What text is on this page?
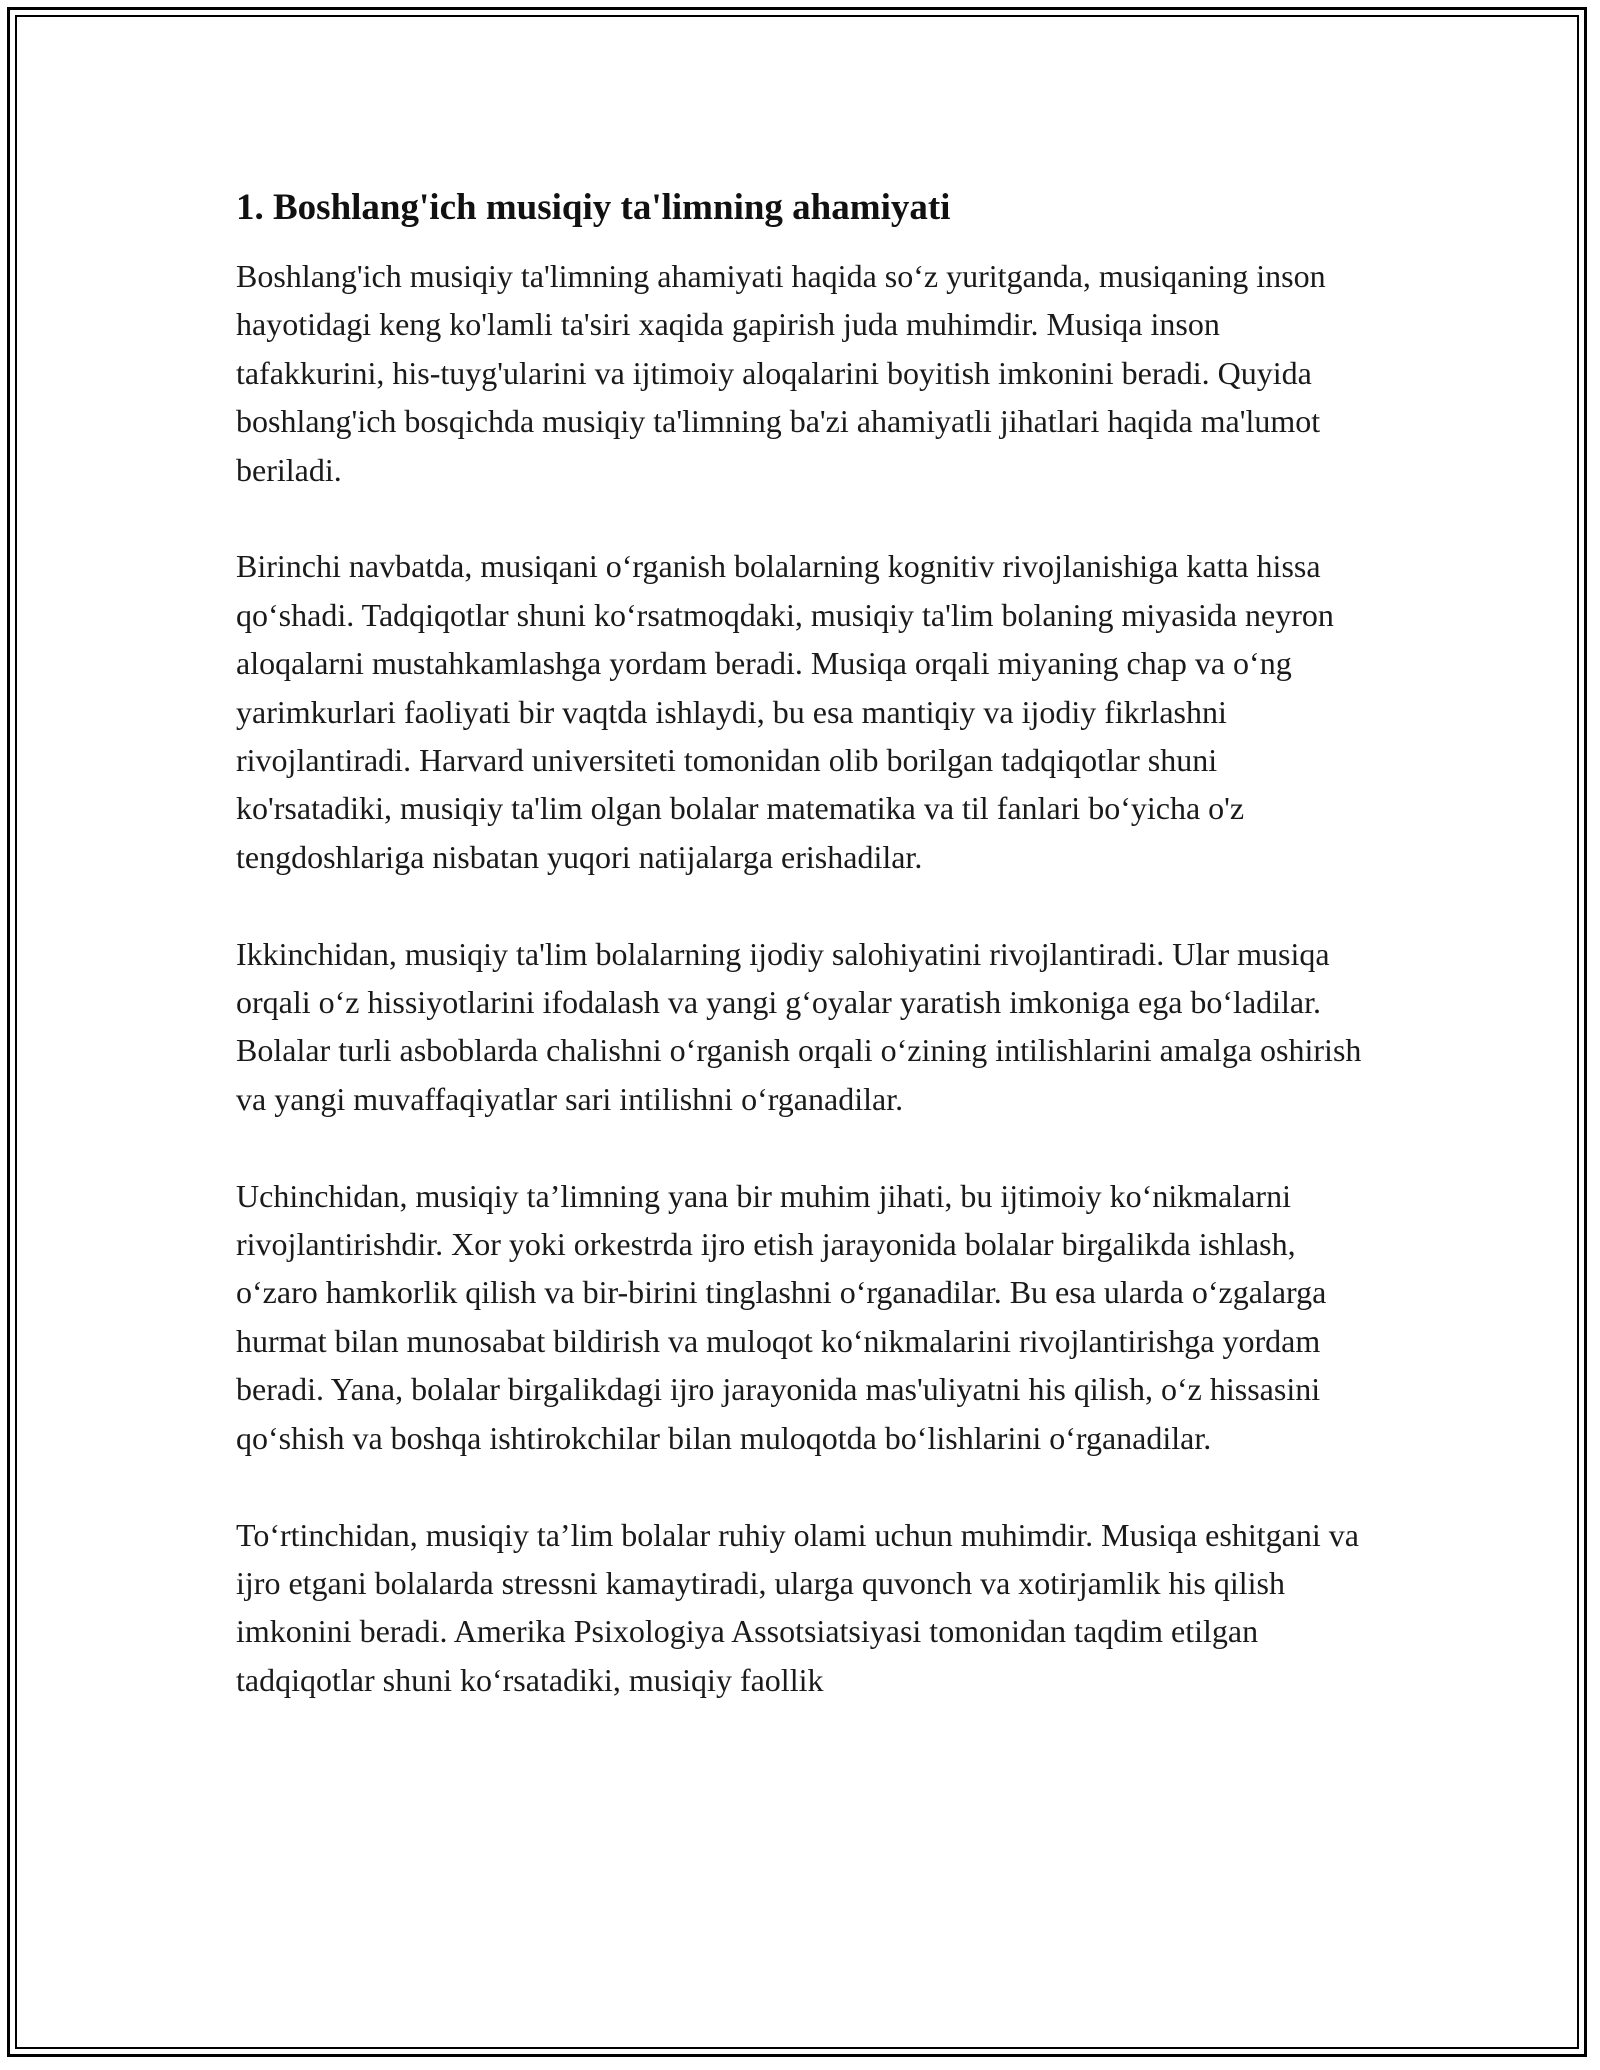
1. Boshlang'ich musiqiy ta'limning ahamiyati

Boshlang'ich musiqiy ta'limning ahamiyati haqida so‘z yuritganda, musiqaning inson hayotidagi keng ko'lamli ta'siri xaqida gapirish juda muhimdir. Musiqa inson tafakkurini, his-tuyg'ularini va ijtimoiy aloqalarini boyitish imkonini beradi. Quyida boshlang'ich bosqichda musiqiy ta'limning ba'zi ahamiyatli jihatlari haqida ma'lumot beriladi.

Birinchi navbatda, musiqani o‘rganish bolalarning kognitiv rivojlanishiga katta hissa qo‘shadi. Tadqiqotlar shuni ko‘rsatmoqdaki, musiqiy ta'lim bolaning miyasida neyron aloqalarni mustahkamlashga yordam beradi. Musiqa orqali miyaning chap va o‘ng yarimkurlari faoliyati bir vaqtda ishlaydi, bu esa mantiqiy va ijodiy fikrlashni rivojlantiradi. Harvard universiteti tomonidan olib borilgan tadqiqotlar shuni ko'rsatadiki, musiqiy ta'lim olgan bolalar matematika va til fanlari bo‘yicha o'z tengdoshlariga nisbatan yuqori natijalarga erishadilar.

Ikkinchidan, musiqiy ta'lim bolalarning ijodiy salohiyatini rivojlantiradi. Ular musiqa orqali o‘z hissiyotlarini ifodalash va yangi g‘oyalar yaratish imkoniga ega bo‘ladilar. Bolalar turli asboblarda chalishni o‘rganish orqali o‘zining intilishlarini amalga oshirish va yangi muvaffaqiyatlar sari intilishni o‘rganadilar.

Uchinchidan, musiqiy ta’limning yana bir muhim jihati, bu ijtimoiy ko‘nikmalarni rivojlantirishdir. Xor yoki orkestrda ijro etish jarayonida bolalar birgalikda ishlash, o‘zaro hamkorlik qilish va bir-birini tinglashni o‘rganadilar. Bu esa ularda o‘zgalarga hurmat bilan munosabat bildirish va muloqot ko‘nikmalarini rivojlantirishga yordam beradi. Yana, bolalar birgalikdagi ijro jarayonida mas'uliyatni his qilish, o‘z hissasini qo‘shish va boshqa ishtirokchilar bilan muloqotda bo‘lishlarini o‘rganadilar.

To‘rtinchidan, musiqiy ta’lim bolalar ruhiy olami uchun muhimdir. Musiqa eshitgani va ijro etgani bolalarda stressni kamaytiradi, ularga quvonch va xotirjamlik his qilish imkonini beradi. Amerika Psixologiya Assotsiatsiyasi tomonidan taqdim etilgan tadqiqotlar shuni ko‘rsatadiki, musiqiy faollik
